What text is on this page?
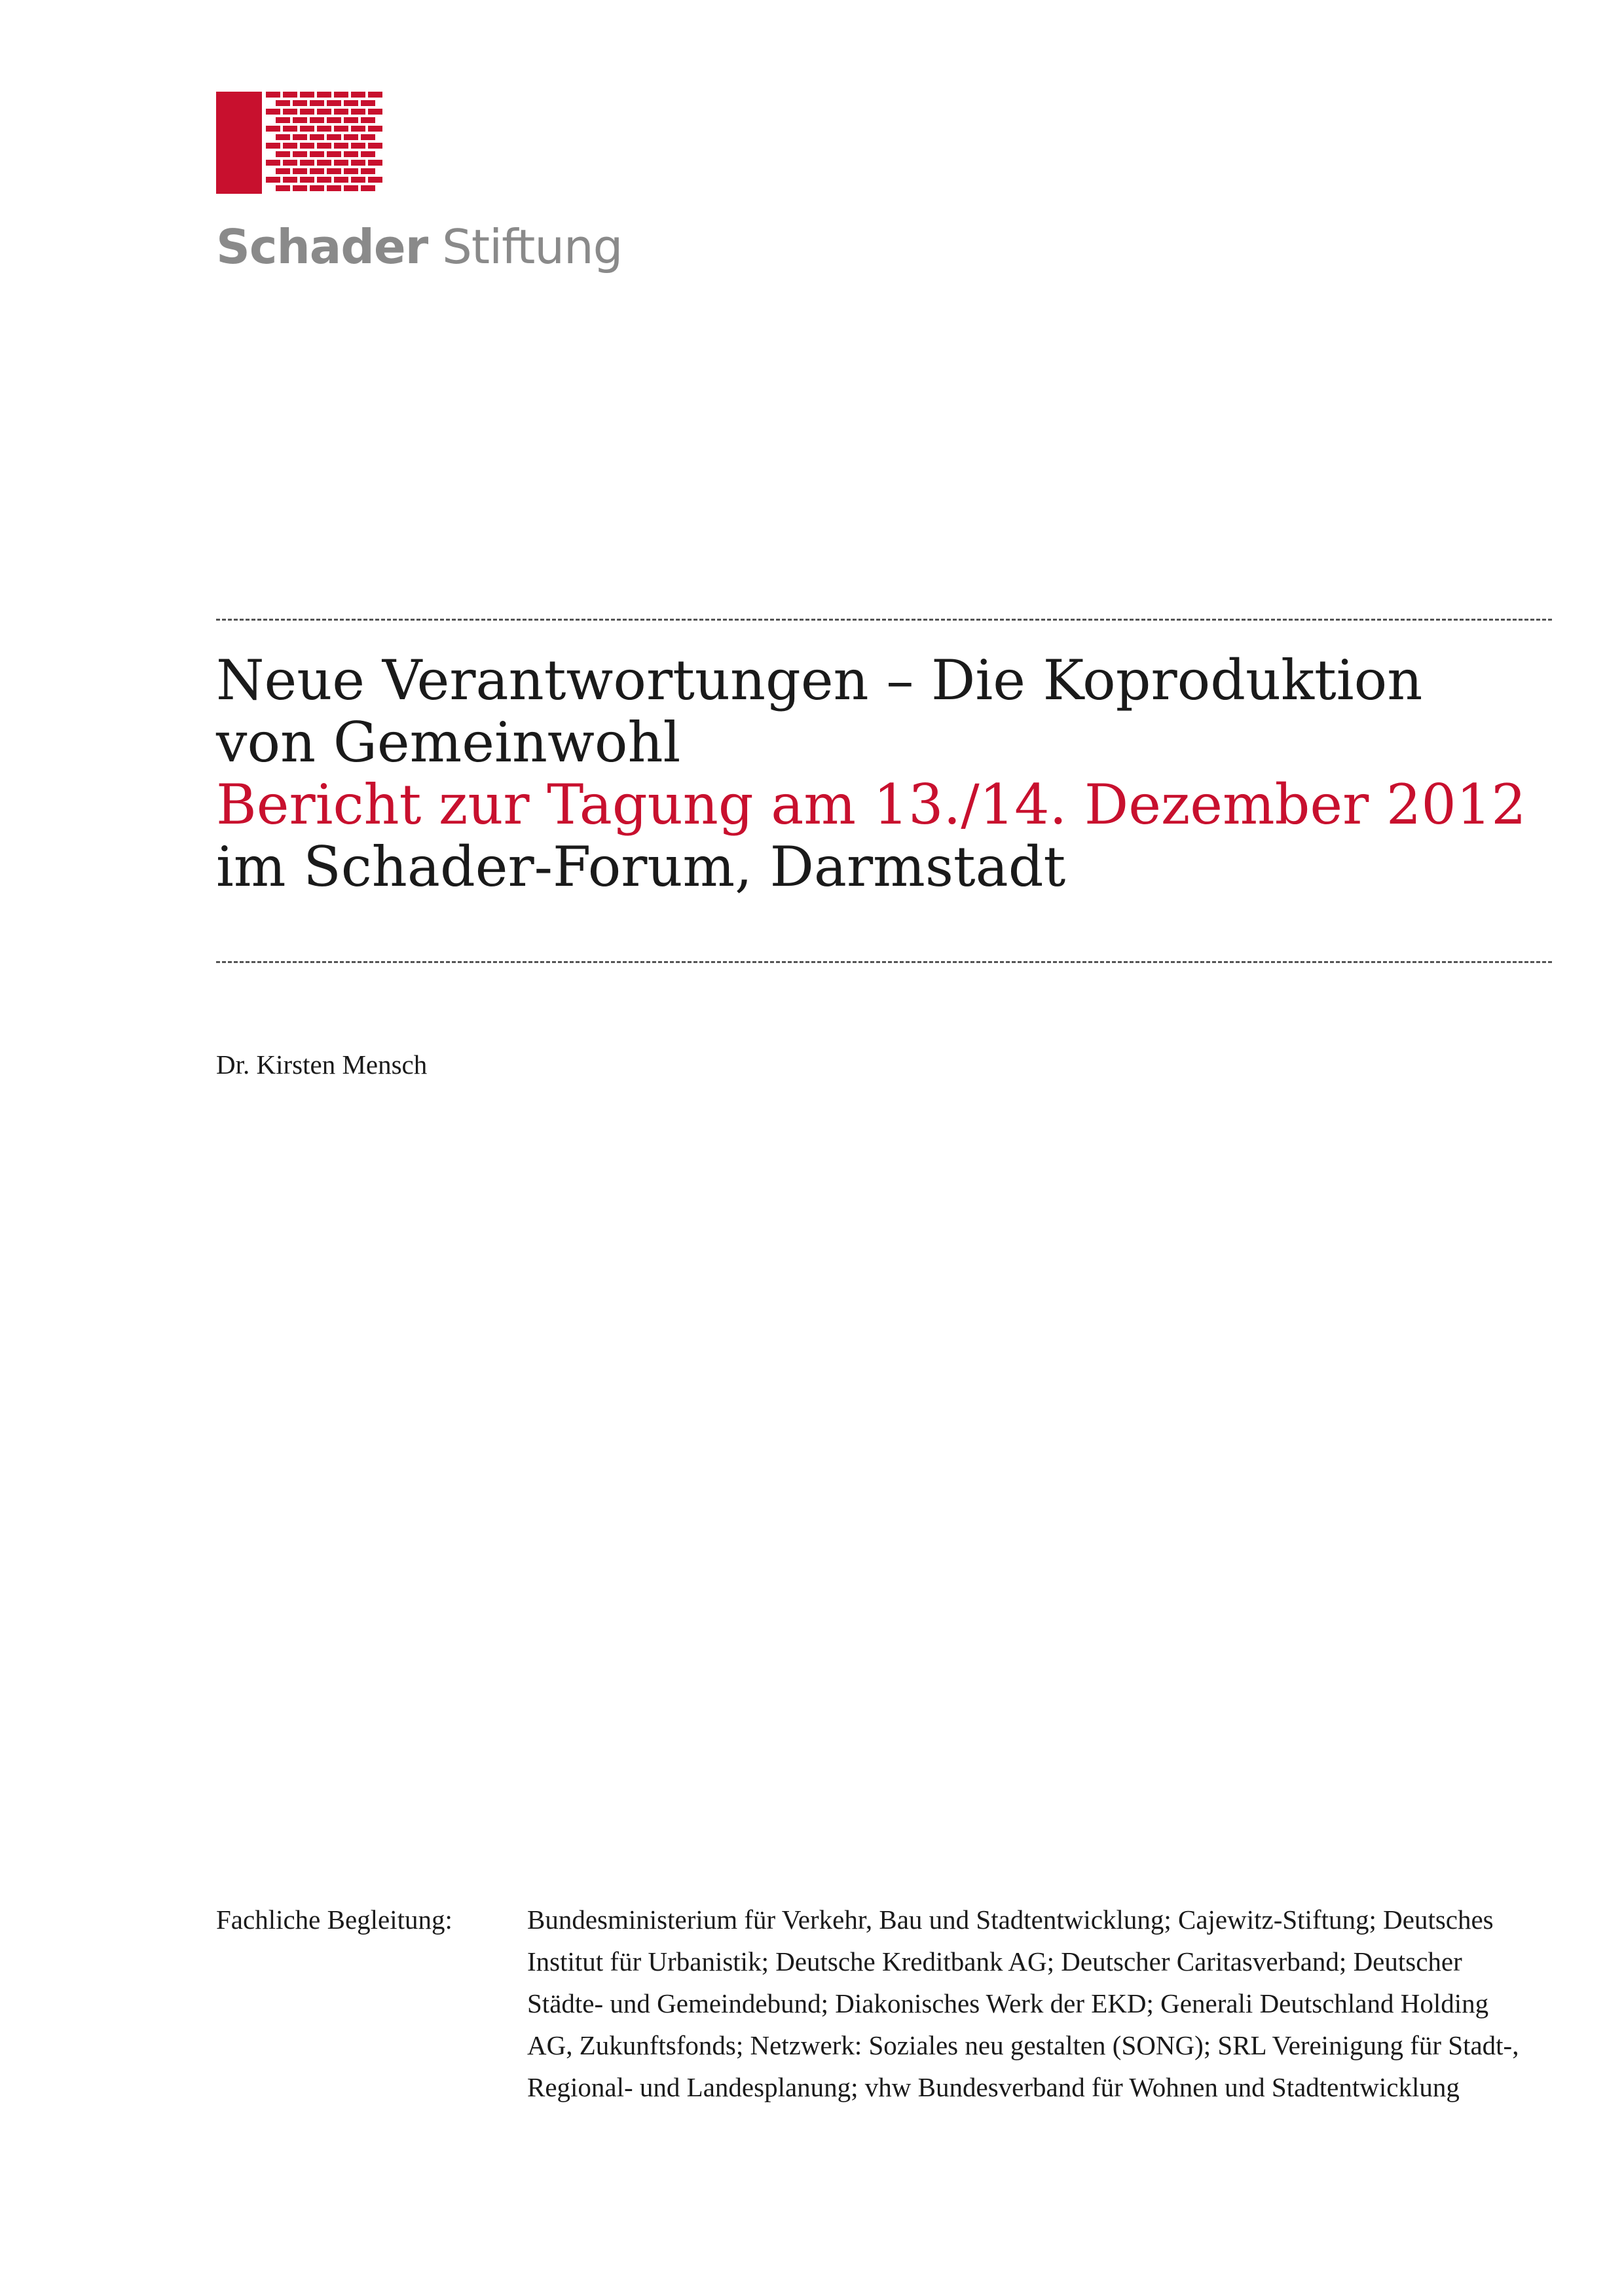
Schader Stiftung
Neue Verantwortungen – Die Koproduktion
von Gemeinwohl
Bericht zur Tagung am 13./14. Dezember 2012
im Schader-Forum, Darmstadt
Dr. Kirsten Mensch
Fachliche Begleitung:	Bundesministerium für Verkehr, Bau und Stadtentwicklung; Cajewitz-Stiftung; Deutsches
Institut für Urbanistik; Deutsche Kreditbank AG; Deutscher Caritasverband; Deutscher
Städte- und Gemeindebund; Diakonisches Werk der EKD; Generali Deutschland Holding
AG, Zukunftsfonds; Netzwerk: Soziales neu gestalten (SONG); SRL Vereinigung für Stadt-,
Regional- und Landesplanung; vhw Bundesverband für Wohnen und Stadtentwicklung
